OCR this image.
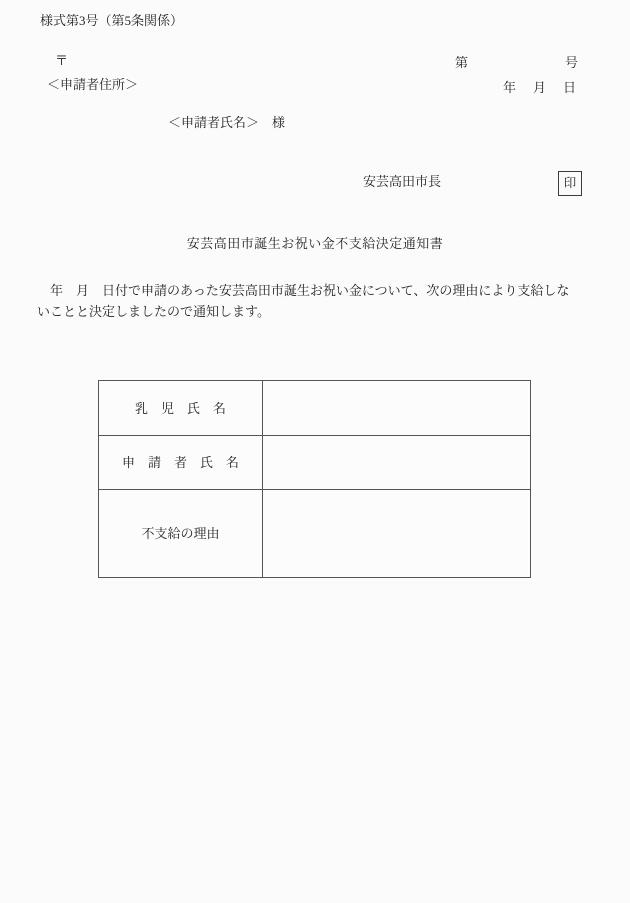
様式第3号（第5条関係）
〒
＜申請者住所＞
第	号
年　月　日
＜申請者氏名＞　様
安芸高田市長	印
安芸高田市誕生お祝い金不支給決定通知書
　年　月　日付で申請のあった安芸高田市誕生お祝い金について、次の理由により支給しな
いことと決定しましたので通知します。
乳　児　氏　名
申　請　者　氏　名
不支給の理由
